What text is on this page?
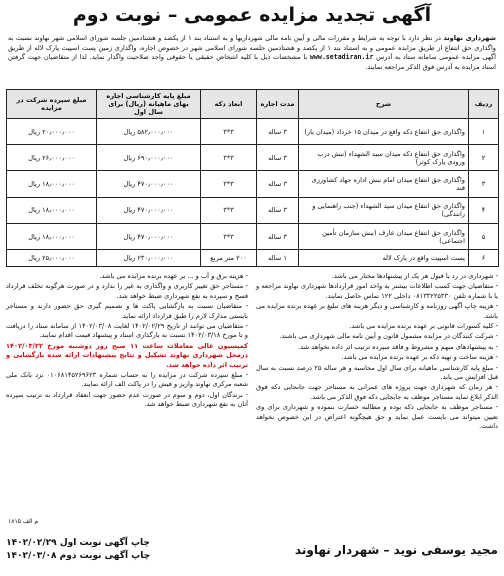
آگهی تجدید مزایده عمومی – نوبت دوم
شهرداری نهاوند در نظر دارد با توجه به شرایط و مقررات مالی و آیین نامه مالی شهرداریها و به استناد بند ۱ از یکصد و هشتادمین جلسه شورای اسلامی شهر نهاوند نسبت به واگذاری حق انتفاع از طریق مزایده عمومی و به استناد بند ۱ از یکصد و هشتادمین جلسه شورای اسلامی شهر در خصوص اجاره، واگذاری زمین پست اسپیت پارک لاله از طریق آگهی مزایده عمومی سامانه ستاد به آدرس www.setadiran.ir با مشخصات ذیل با کلیه اشخاص حقیقی یا حقوقی واجد صلاحیت واگذار نماید. لذا از متقاضیان جهت گرفتن اسناد مزایده به آدرس فوق الذکر مراجعه نمایند.
ردیف	شرح	مدت اجاره	ابعاد دکه	مبلغ پایه کارشناسی اجاره بهای ماهیانه (ریال) برای سال اول	مبلغ سپرده شرکت در مزایده
۱	واگذاری حق انتفاع دکه واقع در میدان ۱۵ خرداد (میدان بار)	۳ ساله	۳*۳	۵۸۲٫۰۰۰٫۰۰۰ ریال	۲۰٫۰۰۰٫۰۰۰ ریال
۲	واگذاری حق انتفاع دکه میدان سید الشهداء (نبش درب ورودی پارک کوثر)	۳ ساله	۳*۳	۶۹۰٫۰۰۰٫۰۰۰ ریال	۲۶٫۰۰۰٫۰۰۰ ریال
۳	واگذاری حق انتفاع میدان امام نبش اداره جهاد کشاورزی قند	۳ ساله	۳*۳	۴۷۰٫۰۰۰٫۰۰۰ ریال	۱۸٫۰۰۰٫۰۰۰ ریال
۴	واگذاری حق انتفاع میدان سید الشهداء (جنب راهنمایی و رانندگی)	۳ ساله	۳*۳	۴۷۰٫۰۰۰٫۰۰۰ ریال	۱۸٫۰۰۰٫۰۰۰ ریال
۵	واگذاری حق انتفاع میدان عارف (نبش سازمان تأمین اجتماعی)	۳ ساله	۳*۳	۴۷۰٫۰۰۰٫۰۰۰ ریال	۱۸٫۰۰۰٫۰۰۰ ریال
۶	پست اسپیت واقع در پارک لاله	۱ ساله	۲۰۰ متر مربع	۲۳۰٫۰۰۰٫۰۰۰ ریال	۲۵٫۰۰۰٫۰۰۰ ریال

- شهرداری در رد یا قبول هر یک از پیشنهادها مختار می باشد.

- متقاضیان جهت کسب اطلاعات بیشتر به واحد امور قراردادها شهرداری نهاوند مراجعه و یا با شماره تلفن ۰۸۱۳۳۲۲۵۳۳۰ داخلی ۱۲۲ تماس حاصل نمایند.

- هزینه چاپ آگهی روزنامه و کارشناسی و دیگر هزینه های تبلیغ بر عهده برنده مزایده می باشد.

- کلیه کسورات قانونی بر عهده برنده مزایده می باشد.

- شرکت کنندگان در مزایده مشمول قانون و آیین نامه مالی شهرداری می باشند.

- به پیشنهادهای مبهم و مشروط و فاقد سپرده ترتیب اثر داده نخواهد شد.

- هزینه ساخت و تهیه دکه بر عهده برنده مزایده می باشد.

- مبلغ پایه کارشناسی ماهیانه برای سال اول محاسبه و هر ساله ۲۵ درصد نسبت به سال قبل افزایش می یابد.

- هر زمان که شهرداری جهت پروژه های عمرانی به مستاجر جهت جابجایی دکه فوق الذکر ابلاغ نماید مستاجر موظف به جابجایی دکه فوق الذکر می باشد.

- مستاجر موظف به جابجایی دکه بوده و مطالبه خسارت ننموده و شهرداری برای وی تعیین میتواند می بایست عمل نماید و حق هیچگونه اعتراض در این خصوص نخواهد داشت.

- هزینه برق و آب و ... بر عهده برنده مزایده می باشد.

- مستاجر حق تغییر کاربری و واگذاری به غیر را ندارد و در صورت هرگونه تخلف قرارداد فسخ و سپرده به نفع شهرداری ضبط خواهد شد.

- متقاضیان نسبت به بازگشایی پاکت ها و تصمیم گیری حق حضور دارند و مستاجر بایستی مدارک لازم را طبق قرارداد ارائه نماید.

- متقاضیان می توانند از تاریخ ۱۴۰۲/۰۲/۲۹ لغایت ۱۴۰۲/۰۳/۰۸ از سامانه ستاد را دریافت و تا مورخ ۱۴۰۲/۰۳/۱۸ نسبت به بارگذاری اسناد و پیشنهاد قیمت اقدام نمایند.

کمیسیون عالی معاملات ساعت ۱۱ صبح روز دوشنبه مورخ ۱۴۰۲/۰۳/۲۲ درمحل شهرداری نهاوند تشکیل و نتایج پیشنهادات ارائه شده بازگشایی و ترتیب اثر داده خواهد شد.

- مبلغ سپرده شرکت در مزایده را به حساب شماره ۰۱۰۶۸۱۴۵۲۶۹۶۲۳ نزد بانک ملی شعبه مرکزی نهاوند واریز و فیش را در پاکت الف ارائه نمایند.

- برندگان اول، دوم و سوم در صورت عدم حضور جهت انعقاد قرارداد به ترتیب سپرده آنان به نفع شهرداری ضبط خواهد شد.

۱۸۱۵ م الف
مجید یوسفی نوید – شهردار نهاوند
چاپ آگهی نوبت اول ۱۴۰۲/۰۲/۲۹
چاپ آگهی نوبت دوم ۱۴۰۲/۰۳/۰۸
